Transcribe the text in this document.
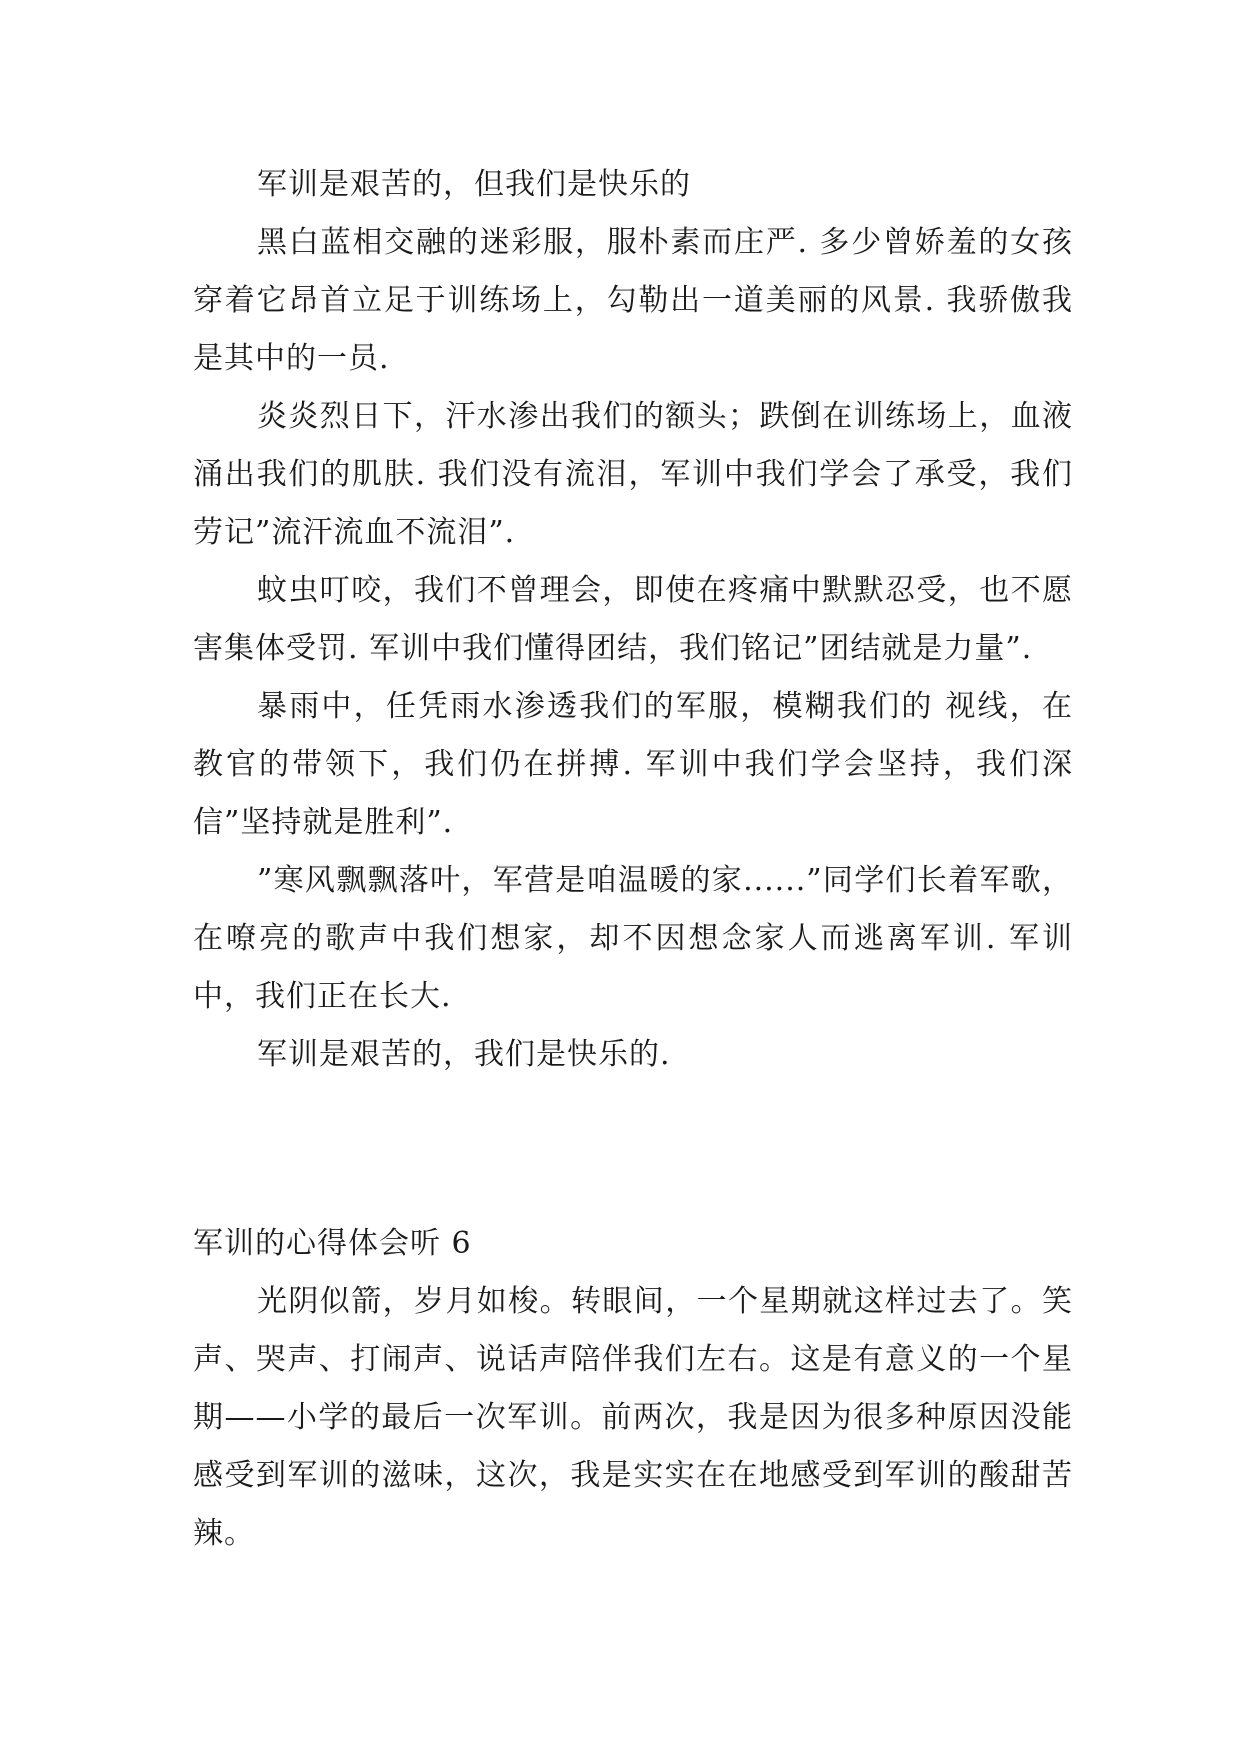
军训是艰苦的，但我们是快乐的

黑白蓝相交融的迷彩服，服朴素而庄严. 多少曾娇羞的女孩穿着它昂首立足于训练场上，勾勒出一道美丽的风景. 我骄傲我是其中的一员.

炎炎烈日下，汗水渗出我们的额头；跌倒在训练场上，血液涌出我们的肌肤. 我们没有流泪，军训中我们学会了承受，我们劳记”流汗流血不流泪”.

蚊虫叮咬，我们不曾理会，即使在疼痛中默默忍受，也不愿害集体受罚. 军训中我们懂得团结，我们铭记”团结就是力量”.

暴雨中，任凭雨水渗透我们的军服，模糊我们的 视线，在教官的带领下，我们仍在拼搏. 军训中我们学会坚持，我们深信”坚持就是胜利”.

”寒风飘飘落叶，军营是咱温暖的家......”同学们长着军歌，在嘹亮的歌声中我们想家，却不因想念家人而逃离军训. 军训中，我们正在长大.

军训是艰苦的，我们是快乐的.

军训的心得体会听 6

光阴似箭，岁月如梭。转眼间，一个星期就这样过去了。笑声、哭声、打闹声、说话声陪伴我们左右。这是有意义的一个星期——小学的最后一次军训。前两次，我是因为很多种原因没能感受到军训的滋味，这次，我是实实在在地感受到军训的酸甜苦辣。
